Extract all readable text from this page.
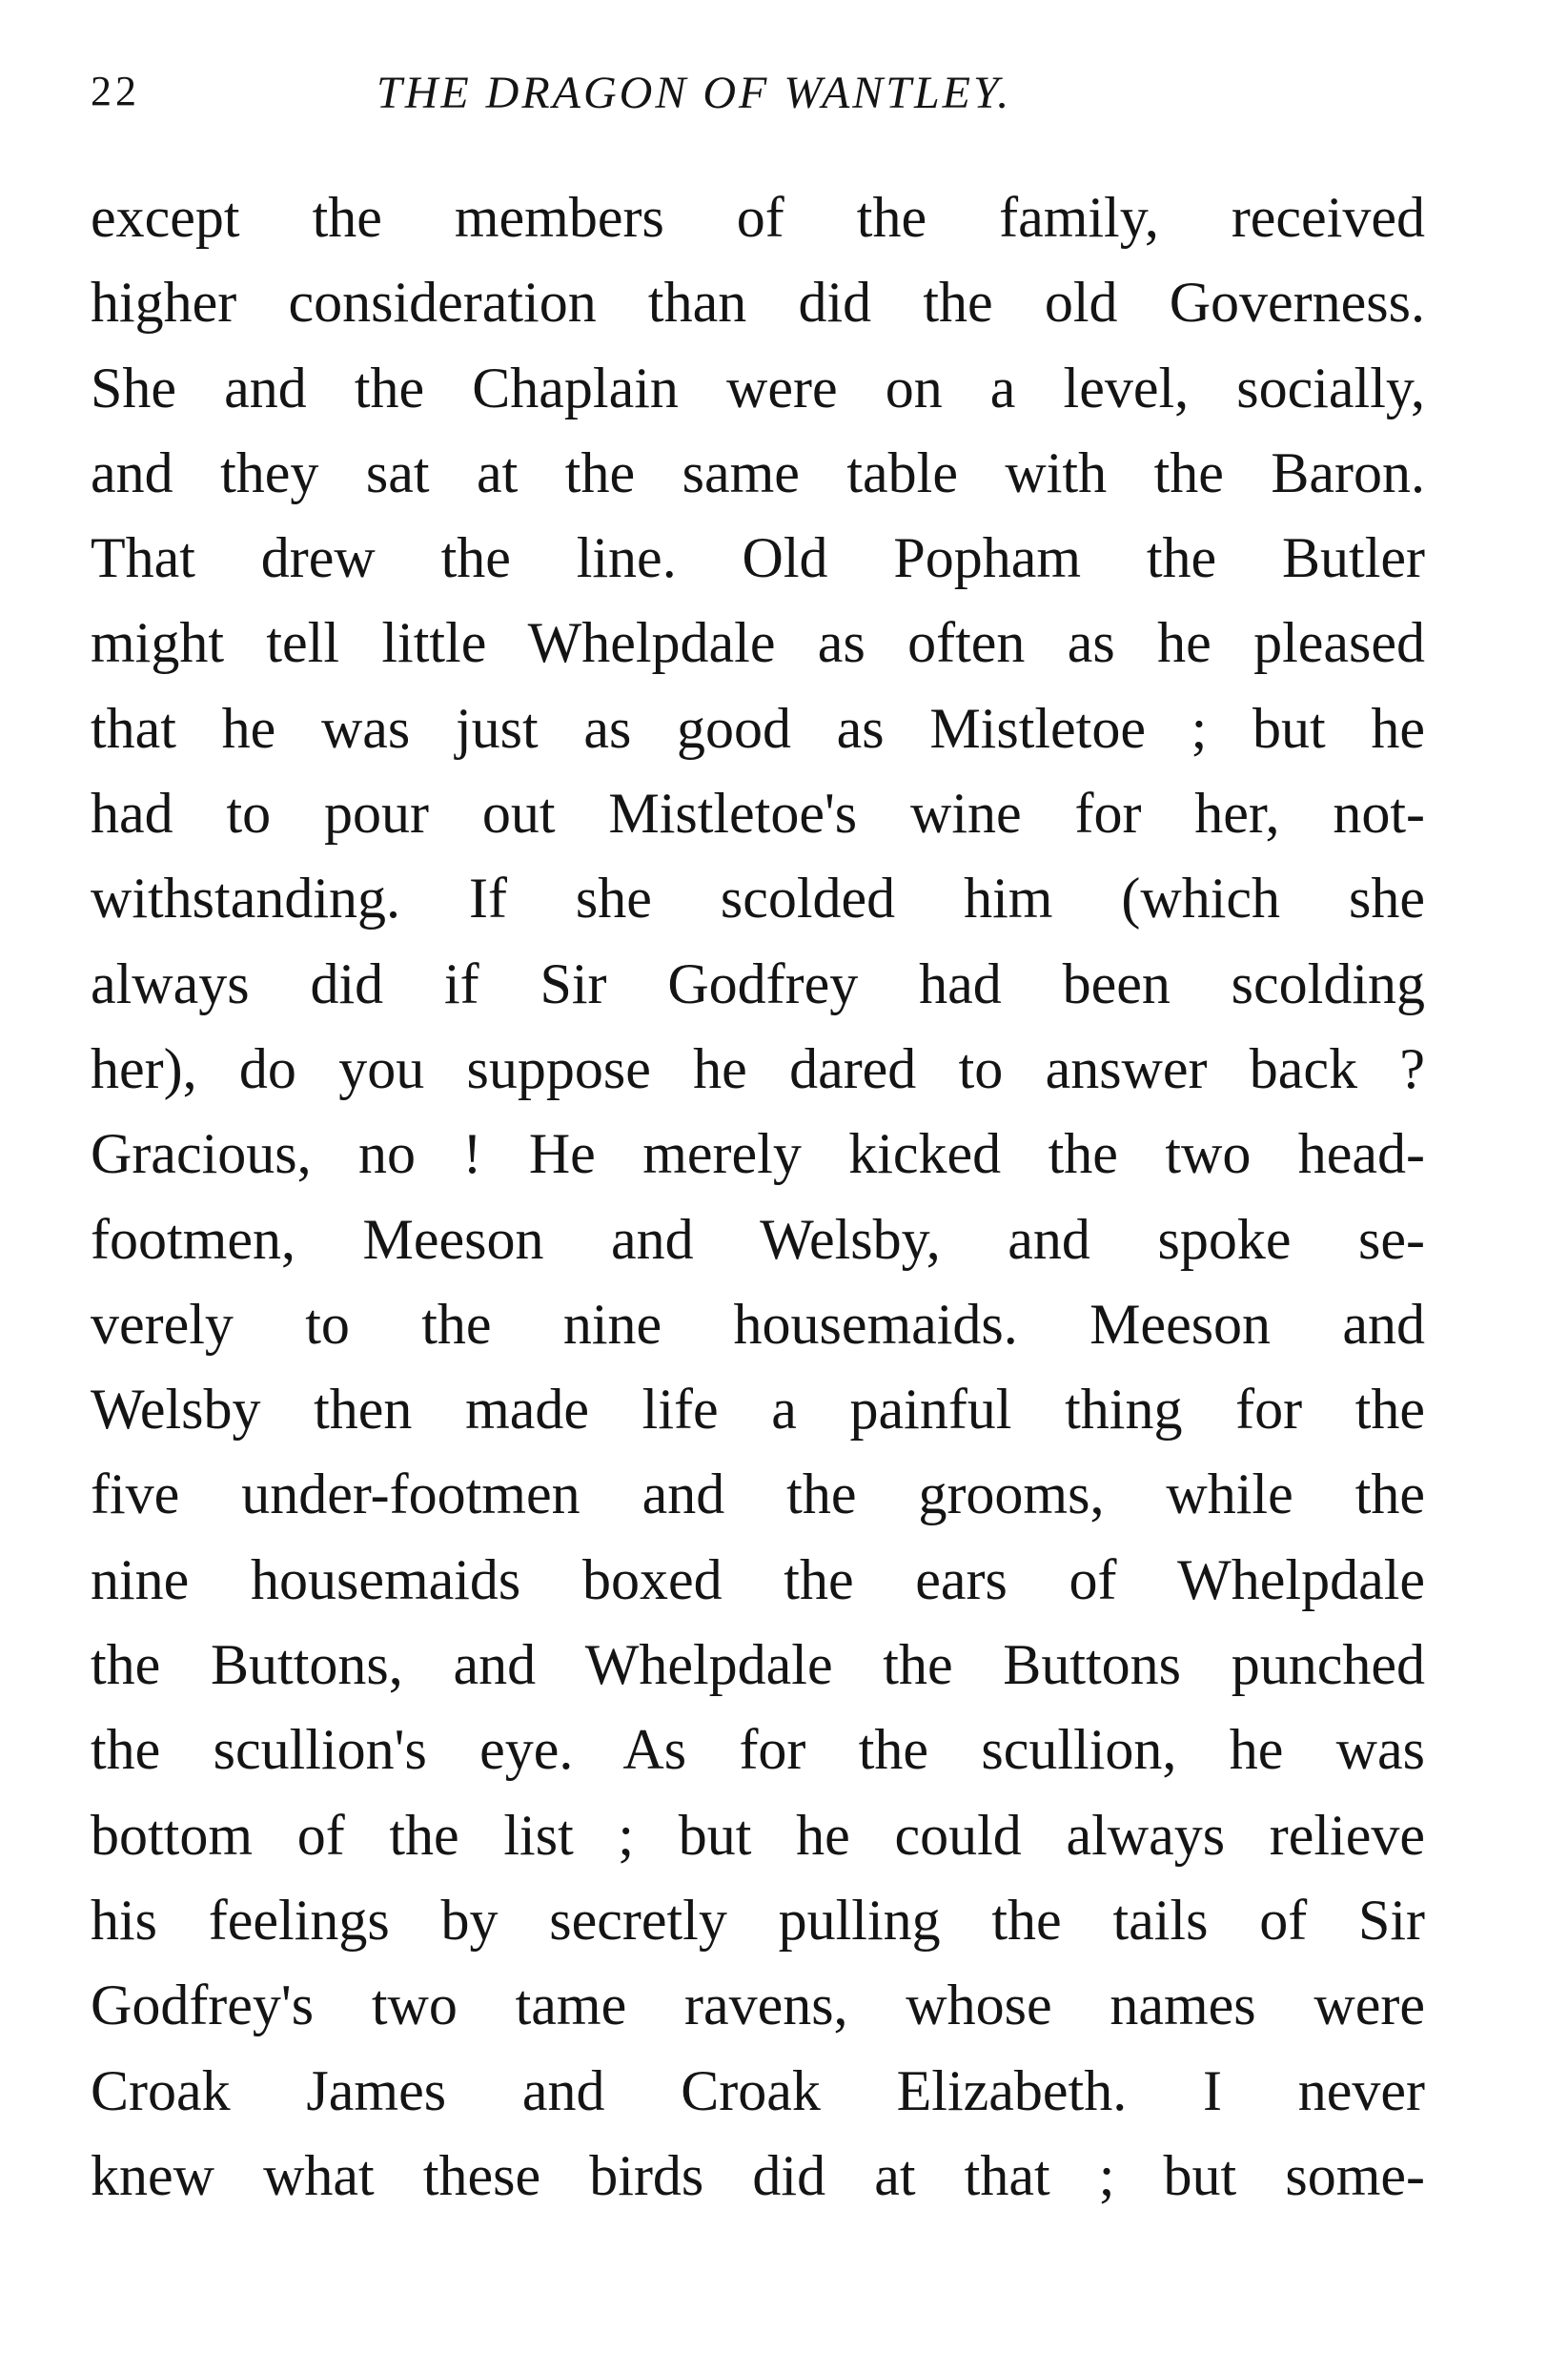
22	THE DRAGON OF WANTLEY.
except the members of the family, received
higher consideration than did the old Governess.
She and the Chaplain were on a level, socially,
and they sat at the same table with the Baron.
That drew the line. Old Popham the Butler
might tell little Whelpdale as often as he pleased
that he was just as good as Mistletoe ; but he
had to pour out Mistletoe's wine for her, not-
withstanding. If she scolded him (which she
always did if Sir Godfrey had been scolding
her), do you suppose he dared to answer back ?
Gracious, no ! He merely kicked the two head-
footmen, Meeson and Welsby, and spoke se-
verely to the nine housemaids. Meeson and
Welsby then made life a painful thing for the
five under-footmen and the grooms, while the
nine housemaids boxed the ears of Whelpdale
the Buttons, and Whelpdale the Buttons punched
the scullion's eye. As for the scullion, he was
bottom of the list ; but he could always relieve
his feelings by secretly pulling the tails of Sir
Godfrey's two tame ravens, whose names were
Croak James and Croak Elizabeth. I never
knew what these birds did at that ; but some-
